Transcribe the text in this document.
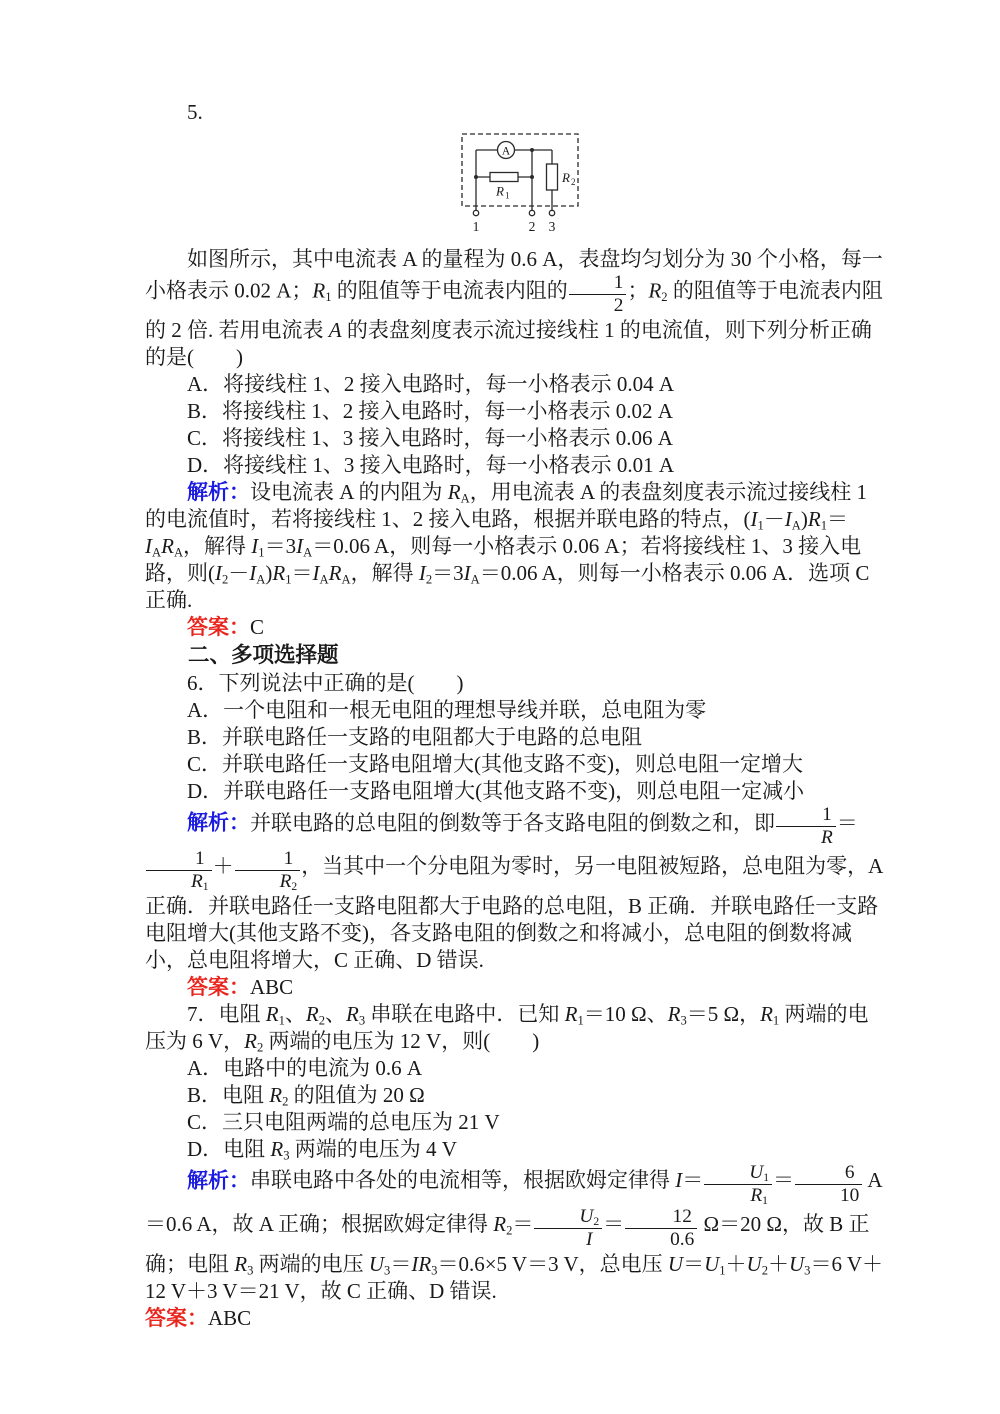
5.

A
R 1
R 2
1	2 3

如图所示，其中电流表 A 的量程为 0.6 A，表盘均匀划分为 30 个小格，每一小格表示 0.02 A；$R_1$ 的阻值等于电流表内阻的 $\frac{1}{2}$ ；$R_2$ 的阻值等于电流表内阻的 2 倍. 若用电流表 A 的表盘刻度表示流过接线柱 1 的电流值，则下列分析正确的是(　　)

A．将接线柱 1、2 接入电路时，每一小格表示 0.04 A

B．将接线柱 1、2 接入电路时，每一小格表示 0.02 A

C．将接线柱 1、3 接入电路时，每一小格表示 0.06 A

D．将接线柱 1、3 接入电路时，每一小格表示 0.01 A

解析：设电流表 A 的内阻为 $R_A$，用电流表 A 的表盘刻度表示流过接线柱 1 的电流值时，若将接线柱 1、2 接入电路，根据并联电路的特点，$(I_1-I_A)R_1=I_AR_A$，解得 $I_1=3I_A=0.06$ A，则每一小格表示 0.06 A；若将接线柱 1、3 接入电路，则$(I_2-I_A)R_1=I_AR_A$，解得 $I_2=3I_A=0.06$ A，则每一小格表示 0.06 A．选项 C 正确.

答案：C

二、多项选择题

6．下列说法中正确的是(　　)

A．一个电阻和一根无电阻的理想导线并联，总电阻为零

B．并联电路任一支路的电阻都大于电路的总电阻

C．并联电路任一支路电阻增大(其他支路不变)，则总电阻一定增大

D．并联电路任一支路电阻增大(其他支路不变)，则总电阻一定减小

解析：并联电路的总电阻的倒数等于各支路电阻的倒数之和，即 $\frac{1}{R}$ ＝
$\frac{1}{R_1} + \frac{1}{R_2}$ ，当其中一个分电阻为零时，另一电阻被短路，总电阻为零，A 正确．并联电路任一支路电阻都大于电路的总电阻，B 正确．并联电路任一支路电阻增大(其他支路不变)，各支路电阻的倒数之和将减小，总电阻的倒数将减小，总电阻将增大，C 正确、D 错误.

答案：ABC

7．电阻 $R_1$、$R_2$、$R_3$ 串联在电路中．已知 $R_1=10$ Ω、$R_3=5$ Ω，$R_1$ 两端的电压为 6 V，$R_2$ 两端的电压为 12 V，则(　　)

A．电路中的电流为 0.6 A

B．电阻 $R_2$ 的阻值为 20 Ω

C．三只电阻两端的总电压为 21 V

D．电阻 $R_3$ 两端的电压为 4 V

解析：串联电路中各处的电流相等，根据欧姆定律得 $I= \frac{U_1}{R_1} = \frac{6}{10} A=0.6$ A，故 A 正确；根据欧姆定律得 $R_2= \frac{U_2}{I} = \frac{12}{0.6} \Omega=20$ Ω，故 B 正确；电阻 $R_3$ 两端的电压 $U_3=IR_3=0.6\times 5$ V＝3 V，总电压 $U=U_1+U_2+U_3=6$ V＋12 V＋3 V＝21 V，故 C 正确、D 错误.

答案：ABC
